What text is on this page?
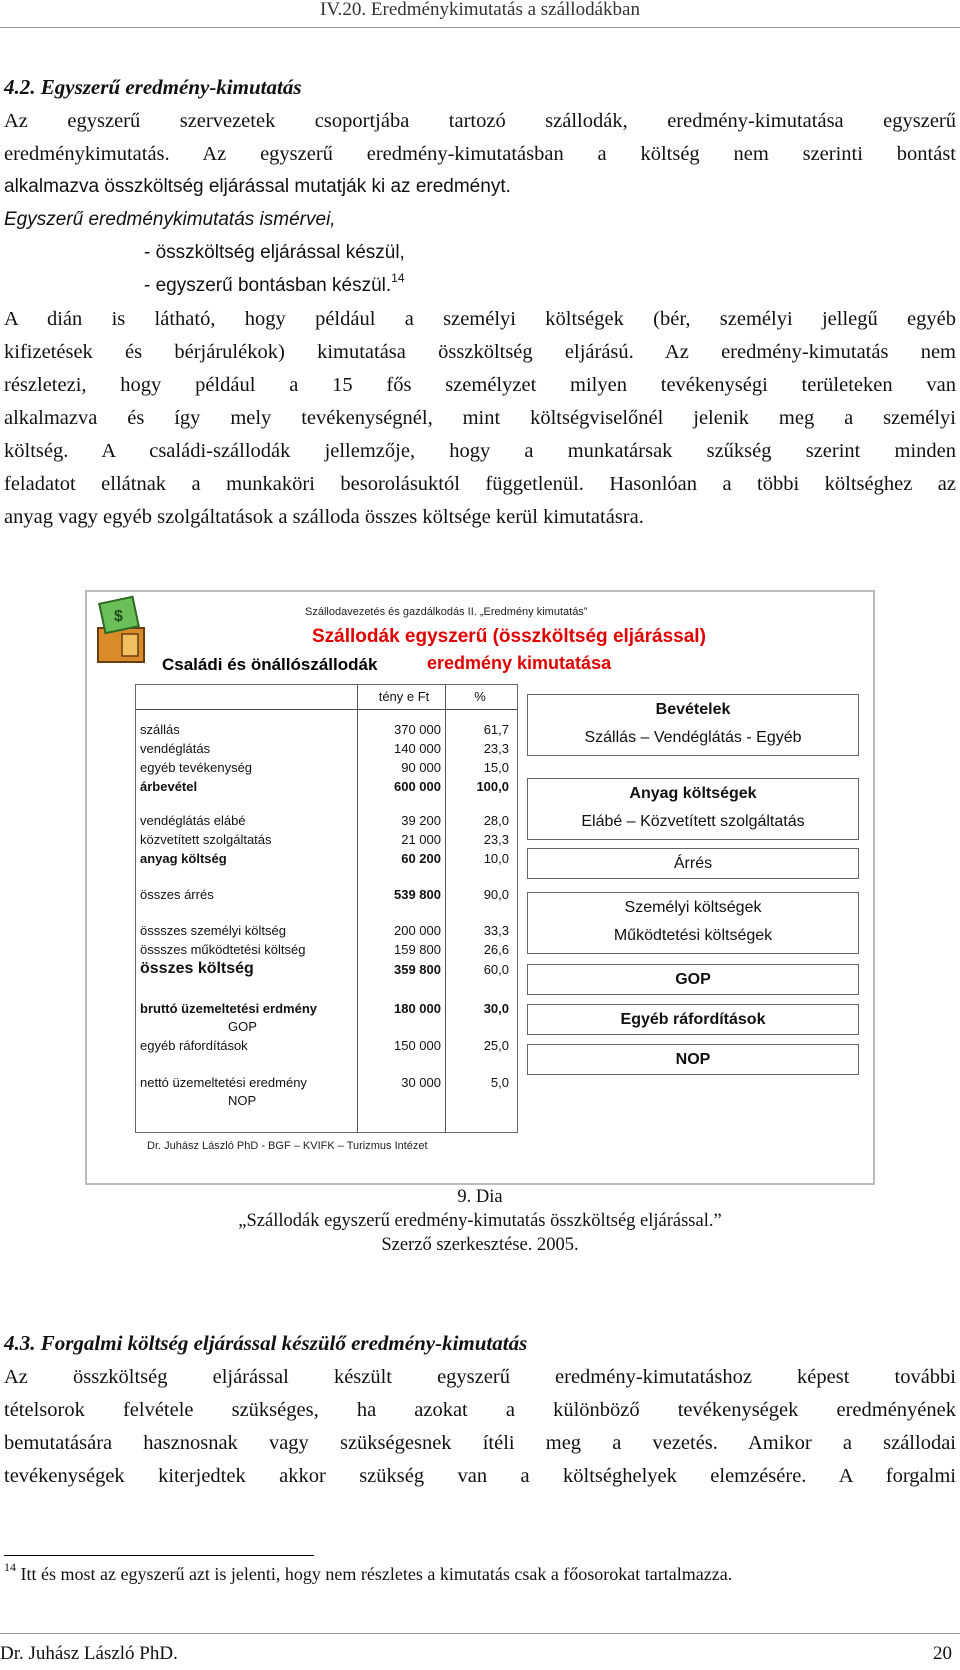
IV.20. Eredménykimutatás a szállodákban
4.2. Egyszerű eredmény-kimutatás
Az egyszerű szervezetek csoportjába tartozó szállodák, eredmény-kimutatása egyszerű
eredménykimutatás. Az egyszerű eredmény-kimutatásban a költség nem szerinti bontást
alkalmazva összköltség eljárással mutatják ki az eredményt.
Egyszerű eredménykimutatás ismérvei,
- összköltség eljárással készül,
- egyszerű bontásban készül.$^{14}$
A dián is látható, hogy például a személyi költségek (bér, személyi jellegű egyéb
kifizetések és bérjárulékok) kimutatása összköltség eljárású. Az eredmény-kimutatás nem
részletezi, hogy például a 15 fős személyzet milyen tevékenységi területeken van
alkalmazva és így mely tevékenységnél, mint költségviselőnél jelenik meg a személyi
költség. A családi-szállodák jellemzője, hogy a munkatársak szűkség szerint minden
feladatot ellátnak a munkaköri besorolásuktól függetlenül. Hasonlóan a többi költséghez az
anyag vagy egyéb szolgáltatások a szálloda összes költsége kerül kimutatásra.
$	Szállodavezetés és gazdálkodás II. „Eredmény kimutatás”
Szállodák egyszerű (összköltség eljárással)
eredmény kimutatása
Családi és önállószállodák
tény e Ft	%
szállás	370 000	61,7
vendéglátás	140 000	23,3
egyéb tevékenység	90 000	15,0
árbevétel	600 000	100,0
vendéglátás elábé	39 200	28,0
közvetített szolgáltatás	21 000	23,3
anyag költség	60 200	10,0
összes árrés	539 800	90,0
össszes személyi költség	200 000	33,3
össszes működtetési költség	159 800	26,6
összes költség	359 800	60,0
bruttó üzemeltetési erdmény	180 000	30,0
GOP
egyéb ráfordítások	150 000	25,0
nettó üzemeltetési eredmény	30 000	5,0
NOP
Bevételek
Szállás – Vendéglátás - Egyéb
Anyag költségek
Elábé – Közvetített szolgáltatás
Árrés
Személyi költségek
Működtetési költségek
GOP
Egyéb ráfordítások
NOP
Dr. Juhász László PhD - BGF – KVIFK – Turizmus Intézet
9. Dia
„Szállodák egyszerű eredmény-kimutatás összköltség eljárással.”
Szerző szerkesztése. 2005.
4.3. Forgalmi költség eljárással készülő eredmény-kimutatás
Az összköltség eljárással készült egyszerű eredmény-kimutatáshoz képest további
tételsorok felvétele szükséges, ha azokat a különböző tevékenységek eredményének
bemutatására hasznosnak vagy szükségesnek ítéli meg a vezetés. Amikor a szállodai
tevékenységek kiterjedtek akkor szükség van a költséghelyek elemzésére. A forgalmi
$^{14}$ Itt és most az egyszerű azt is jelenti, hogy nem részletes a kimutatás csak a főosorokat tartalmazza.
Dr. Juhász László PhD.	20
